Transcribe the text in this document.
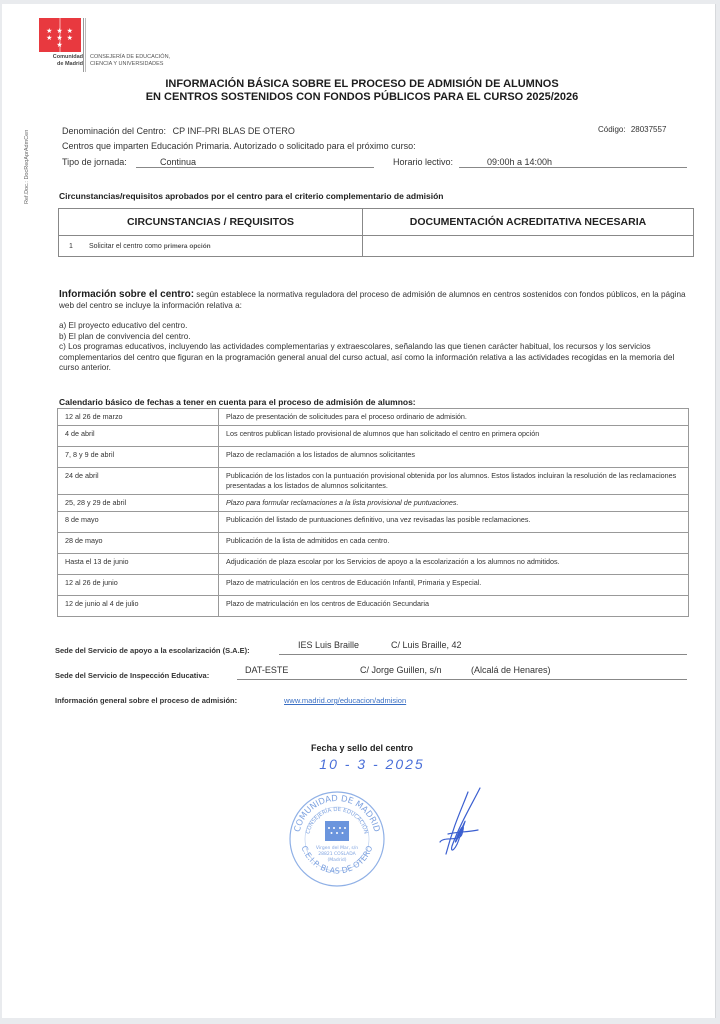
★ ★ ★ ★ ★ ★ ★
Comunidad
de Madrid
CONSEJERÍA DE EDUCACIÓN,
CIENCIA Y UNIVERSIDADES
INFORMACIÓN BÁSICA SOBRE EL PROCESO DE ADMISIÓN DE ALUMNOS
EN CENTROS SOSTENIDOS CON FONDOS PÚBLICOS PARA EL CURSO 2025/2026
Ref.Doc.: DocReqAprAdmCen	Denominación del Centro: CP INF-PRI BLAS DE OTERO	Código: 28037557
Centros que imparten Educación Primaria. Autorizado o solicitado para el próximo curso:
Tipo de jornada:	Continua	Horario lectivo:	09:00h a 14:00h
Circunstancias/requisitos aprobados por el centro para el criterio complementario de admisión
CIRCUNSTANCIAS / REQUISITOS	DOCUMENTACIÓN ACREDITATIVA NECESARIA
1 Solicitar el centro como primera opción	

Información sobre el centro: según establece la normativa reguladora del proceso de admisión de alumnos en centros sostenidos con fondos públicos, en la página web del centro se incluye la información relativa a:

a) El proyecto educativo del centro.

b) El plan de convivencia del centro.

c) Los programas educativos, incluyendo las actividades complementarias y extraescolares, señalando las que tienen carácter habitual, los recursos y los servicios complementarios del centro que figuran en la programación general anual del curso actual, así como la información relativa a las actividades recogidas en la memoria del curso anterior.

Calendario básico de fechas a tener en cuenta para el proceso de admisión de alumnos:
12 al 26 de marzo	Plazo de presentación de solicitudes para el proceso ordinario de admisión.
4 de abril	Los centros publican listado provisional de alumnos que han solicitado el centro en primera opción
7, 8 y 9 de abril	Plazo de reclamación a los listados de alumnos solicitantes
24 de abril	Publicación de los listados con la puntuación provisional obtenida por los alumnos. Estos listados incluiran la resolución de las reclamaciones presentadas a los listados de alumnos solicitantes.
25, 28 y 29 de abril	Plazo para formular reclamaciones a la lista provisional de puntuaciones.
8 de mayo	Publicación del listado de puntuaciones definitivo, una vez revisadas las posible reclamaciones.
28 de mayo	Publicación de la lista de admitidos en cada centro.
Hasta el 13 de junio	Adjudicación de plaza escolar por los Servicios de apoyo a la escolarización a los alumnos no admitidos.
12 al 26 de junio	Plazo de matriculación en los centros de Educación Infantil, Primaria y Especial.
12 de junio al 4 de julio	Plazo de matriculación en los centros de Educación Secundaria
Sede del Servicio de apoyo a la escolarización (S.A.E):
IES Luis Braille	C/ Luis Braille, 42
Sede del Servicio de Inspección Educativa:
DAT-ESTE	C/ Jorge Guillen, s/n	(Alcalá de Henares)
Información general sobre el proceso de admisión:	www.madrid.org/educacion/admision
Fecha y sello del centro
10 - 3 - 2025
COMUNIDAD DE MADRID
CONSEJERÍA DE EDUCACIÓN
C.E.I.P. BLAS DE OTERO
Virgen del Mar, s/n
28821 COSLADA
(Madrid)
